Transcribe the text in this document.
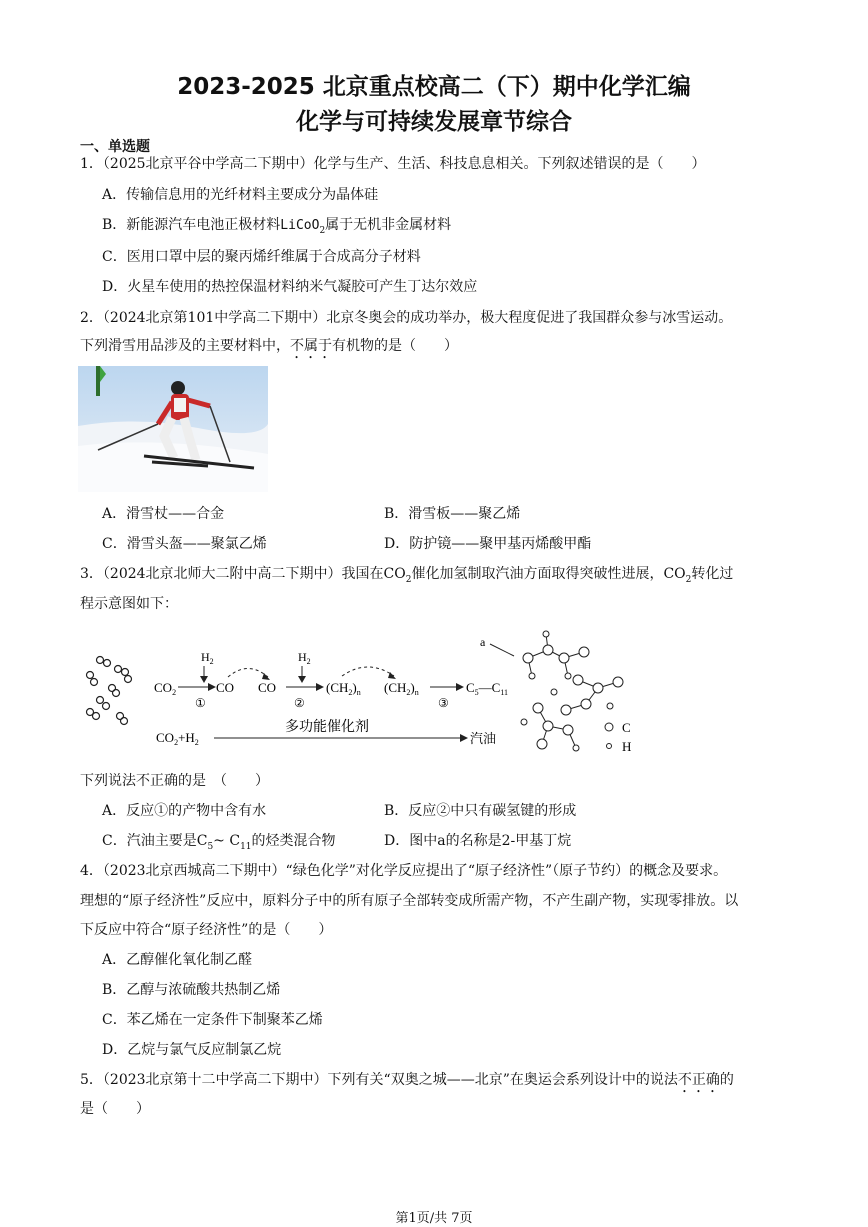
2023-2025 北京重点校高二（下）期中化学汇编
化学与可持续发展章节综合
一、单选题
1．（2025北京平谷中学高二下期中）化学与生产、生活、科技息息相关。下列叙述错误的是（　　）
A．传输信息用的光纤材料主要成分为晶体硅
B．新能源汽车电池正极材料LiCoO$_2$属于无机非金属材料
C．医用口罩中层的聚丙烯纤维属于合成高分子材料
D．火星车使用的热控保温材料纳米气凝胶可产生丁达尔效应
2．（2024北京第101中学高二下期中）北京冬奥会的成功举办，极大程度促进了我国群众参与冰雪运动。
下列滑雪用品涉及的主要材料中，不属于有机物的是（　　）
A．滑雪杖——合金	B．滑雪板——聚乙烯
C．滑雪头盔——聚氯乙烯	D．防护镜——聚甲基丙烯酸甲酯
3．（2024北京北师大二附中高二下期中）我国在$CO_2$催化加氢制取汽油方面取得突破性进展，$CO_2$转化过
程示意图如下：
$H_2$
$CO_2$
①
CO CO
$H_2$
②
$(CH_2)_n$ $(CH_2)_n$
③
$C_5—C_{11}$
$CO_2+H_2$
多功能催化剂
汽油
a
C
H
下列说法不正确的是　（　　）
A．反应①的产物中含有水	B．反应②中只有碳氢键的形成
C．汽油主要是$C_5\sim$ $C_{11}$的烃类混合物	D．图中a的名称是2-甲基丁烷
4．（2023北京西城高二下期中）“绿色化学”对化学反应提出了“原子经济性”（原子节约）的概念及要求。
理想的“原子经济性”反应中，原料分子中的所有原子全部转变成所需产物，不产生副产物，实现零排放。以
下反应中符合“原子经济性”的是（　　）
A．乙醇催化氧化制乙醛
B．乙醇与浓硫酸共热制乙烯
C．苯乙烯在一定条件下制聚苯乙烯
D．乙烷与氯气反应制氯乙烷
5．（2023北京第十二中学高二下期中）下列有关“双奥之城——北京”在奥运会系列设计中的说法不正确的
是（　　）
第1页/共 7页
